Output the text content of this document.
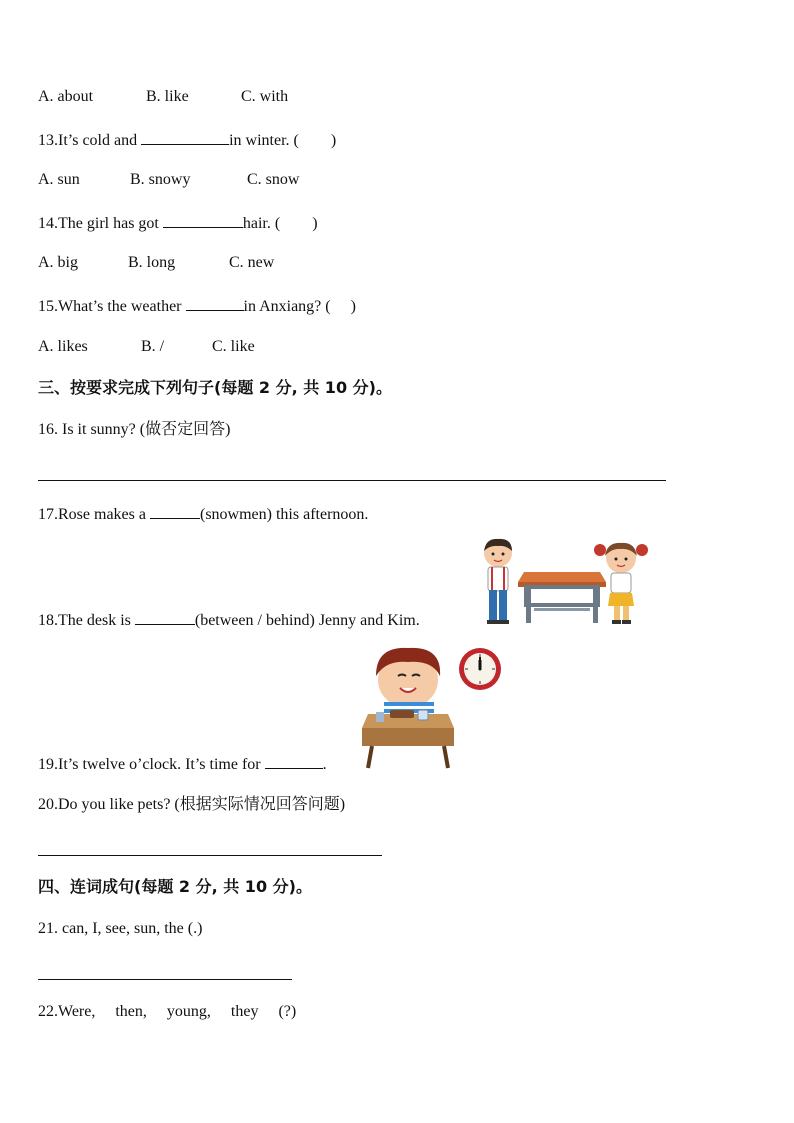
A. about	B. like	C. with
13.It’s cold and	in winter. (        )
A. sun	B. snowy	C. snow
14.The girl has got	hair. (        )
A. big	B. long	C. new
15.What’s the weather	in Anxiang? (     )
A. likes	B. /	C. like
三、按要求完成下列句子(每题 2 分, 共 10 分)。
16. Is it sunny? (做否定回答)
17.Rose makes a	(snowmen) this afternoon.
18.The desk is	(between / behind) Jenny and Kim.
19.It’s twelve o’clock. It’s time for	.
20.Do you like pets? (根据实际情况回答问题)
四、连词成句(每题 2 分, 共 10 分)。
21. can, I, see, sun, the (.)
22.Were,     then,     young,     they     (?)
